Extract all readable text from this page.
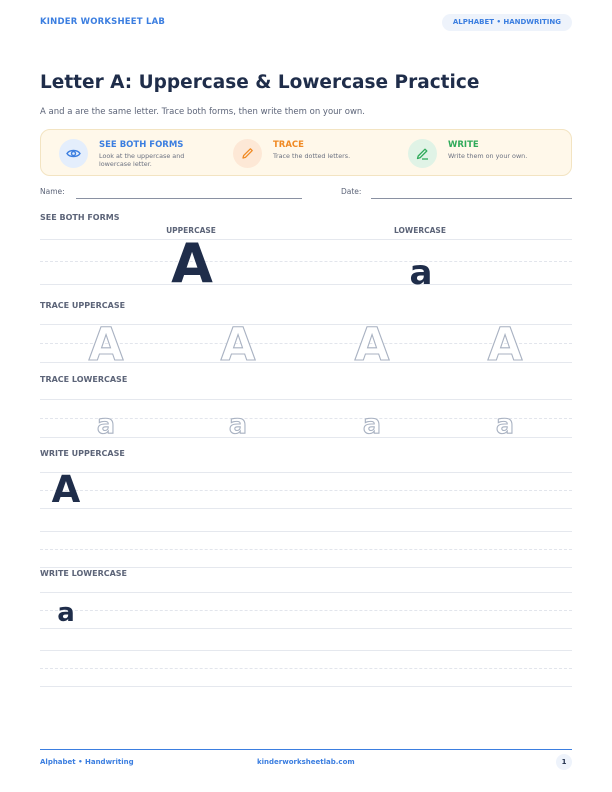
KINDER WORKSHEET LAB	ALPHABET • HANDWRITING
Letter A: Uppercase & Lowercase Practice
A and a are the same letter. Trace both forms, then write them on your own.
SEE BOTH FORMS
Look at the uppercase and lowercase letter.
TRACE
Trace the dotted letters.
WRITE
Write them on your own.
Name:	Date:
SEE BOTH FORMS
UPPERCASE	LOWERCASE
A	a
TRACE UPPERCASE
A A A A
TRACE LOWERCASE
a	a	a	a
WRITE UPPERCASE
A
WRITE LOWERCASE
a
Alphabet • Handwriting	kinderworksheetlab.com	1
